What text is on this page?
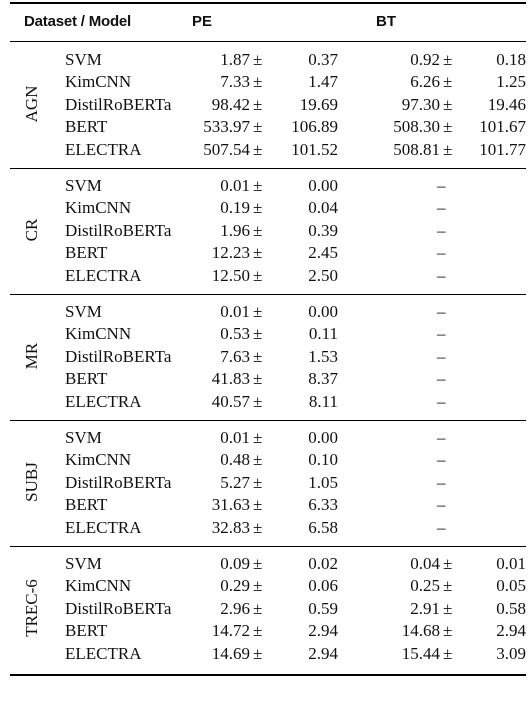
Dataset / Model	PE	BT
AGN
SVM	1.87 ±	0.37	0.92 ±	0.18
KimCNN	7.33 ±	1.47	6.26 ±	1.25
DistilRoBERTa 98.42 ± 19.69	97.30 ± 19.46
BERT	533.97 ± 106.89	508.30 ± 101.67
ELECTRA	507.54 ± 101.52	508.81 ± 101.77
CR
SVM	0.01 ±	0.00	–
KimCNN	0.19 ±	0.04	–
DistilRoBERTa	1.96 ±	0.39	–
BERT	12.23 ±	2.45	–
ELECTRA	12.50 ±	2.50	–
MR
SVM	0.01 ±	0.00	–
KimCNN	0.53 ±	0.11	–
DistilRoBERTa	7.63 ±	1.53	–
BERT	41.83 ±	8.37	–
ELECTRA	40.57 ±	8.11	–
SUBJ
SVM	0.01 ±	0.00	–
KimCNN	0.48 ±	0.10	–
DistilRoBERTa	5.27 ±	1.05	–
BERT	31.63 ±	6.33	–
ELECTRA	32.83 ±	6.58	–
TREC-6
SVM	0.09 ±	0.02	0.04 ±	0.01
KimCNN	0.29 ±	0.06	0.25 ±	0.05
DistilRoBERTa	2.96 ±	0.59	2.91 ±	0.58
BERT	14.72 ±	2.94	14.68 ±	2.94
ELECTRA	14.69 ±	2.94	15.44 ±	3.09
